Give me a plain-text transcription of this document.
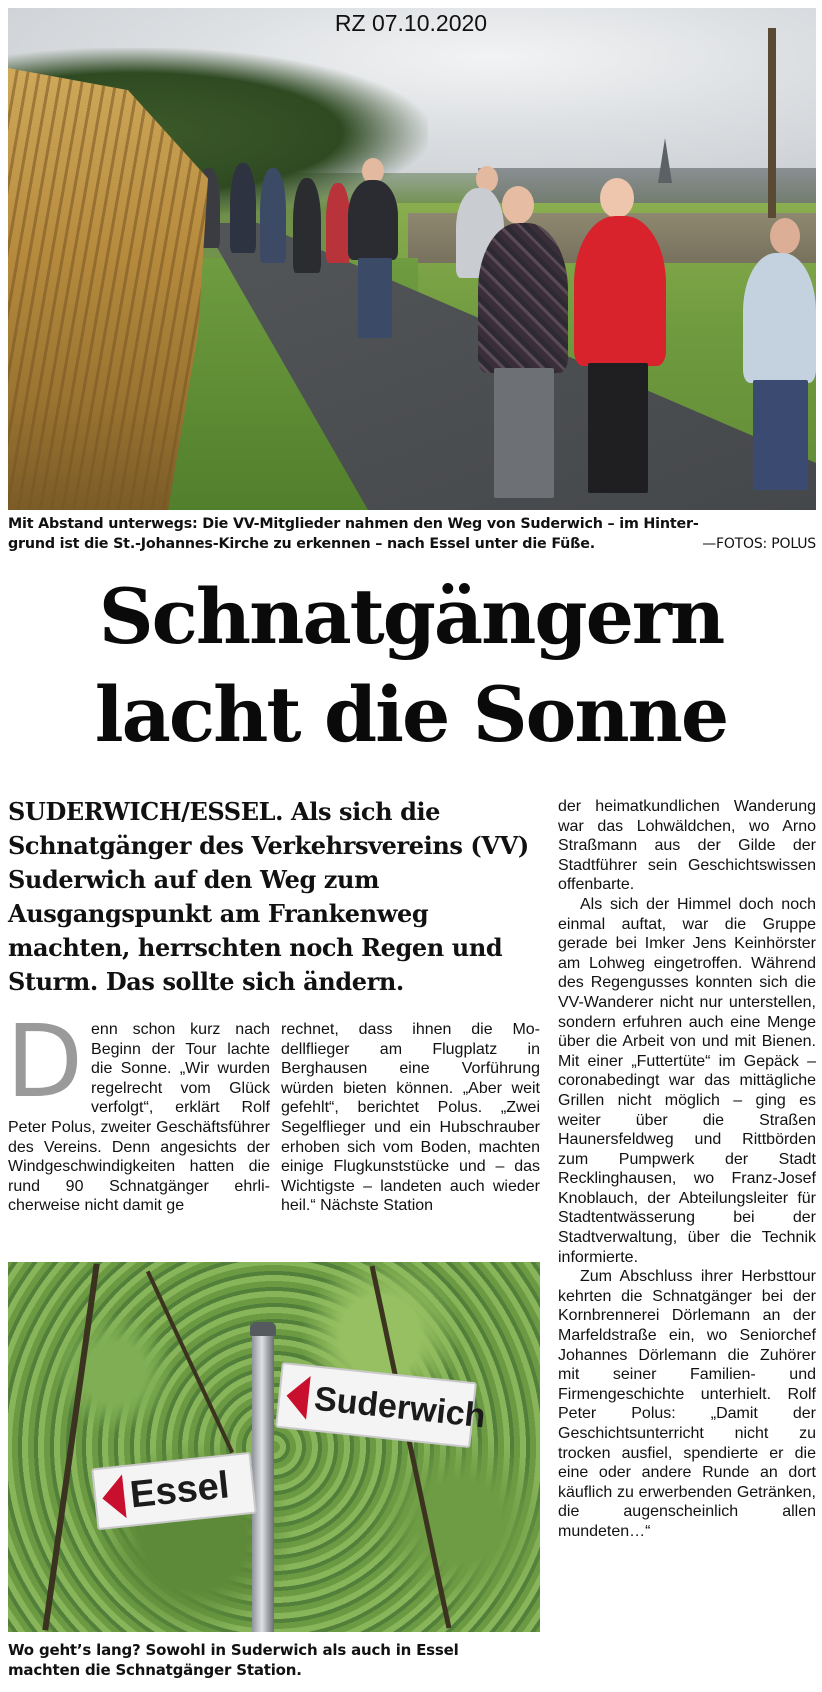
RZ 07.10.2020
Mit Abstand unterwegs: Die VV-Mitglieder nahmen den Weg von Suderwich – im Hinter-
grund ist die St.-Johannes-Kirche zu erkennen – nach Essel unter die Füße.	—FOTOS: POLUS
Schnatgängern
lacht die Sonne
SUDERWICH/ESSEL. Als sich die Schnatgänger des Verkehrsvereins (VV) Suderwich auf den Weg zum Ausgangspunkt am Frankenweg machten, herrschten noch Regen und Sturm. Das sollte sich ändern.
D enn schon kurz nach Beginn der Tour lachte die Sonne. „Wir wurden regelrecht vom Glück verfolgt“, erklärt Rolf Peter Polus, zweiter Geschäftsführer des Vereins. Denn angesichts der Windgeschwindigkeiten hatten die rund 90 Schnatgänger ehrlicherweise nicht damit ge

rechnet, dass ihnen die Modellflieger am Flugplatz in Berghausen eine Vorführung würden bieten können. „Aber weit gefehlt“, berichtet Polus. „Zwei Segelflieger und ein Hubschrauber erhoben sich vom Boden, machten einige Flugkunststücke und – das Wichtigste – landeten auch wieder heil.“ Nächste Station

der heimatkundlichen Wanderung war das Lohwäldchen, wo Arno Straßmann aus der Gilde der Stadtführer sein Geschichtswissen offenbarte.

Als sich der Himmel doch noch einmal auftat, war die Gruppe gerade bei Imker Jens Keinhörster am Lohweg eingetroffen. Während des Regengusses konnten sich die VV-Wanderer nicht nur unterstellen, sondern erfuhren auch eine Menge über die Arbeit von und mit Bienen. Mit einer „Futtertüte“ im Gepäck – coronabedingt war das mittägliche Grillen nicht möglich – ging es weiter über die Straßen Haunersfeldweg und Rittbörden zum Pumpwerk der Stadt Recklinghausen, wo Franz-Josef Knoblauch, der Abteilungsleiter für Stadtentwässerung bei der Stadtverwaltung, über die Technik informierte.

Zum Abschluss ihrer Herbsttour kehrten die Schnatgänger bei der Kornbrennerei Dörlemann an der Marfeldstraße ein, wo Seniorchef Johannes Dörlemann die Zuhörer mit seiner Familien- und Firmengeschichte unterhielt. Rolf Peter Polus: „Damit der Geschichtsunterricht nicht zu trocken ausfiel, spendierte er die eine oder andere Runde an dort käuflich zu erwerbenden Getränken, die augenscheinlich allen mundeten…“

Suderwich
Essel
Wo geht’s lang? Sowohl in Suderwich als auch in Essel
machten die Schnatgänger Station.
